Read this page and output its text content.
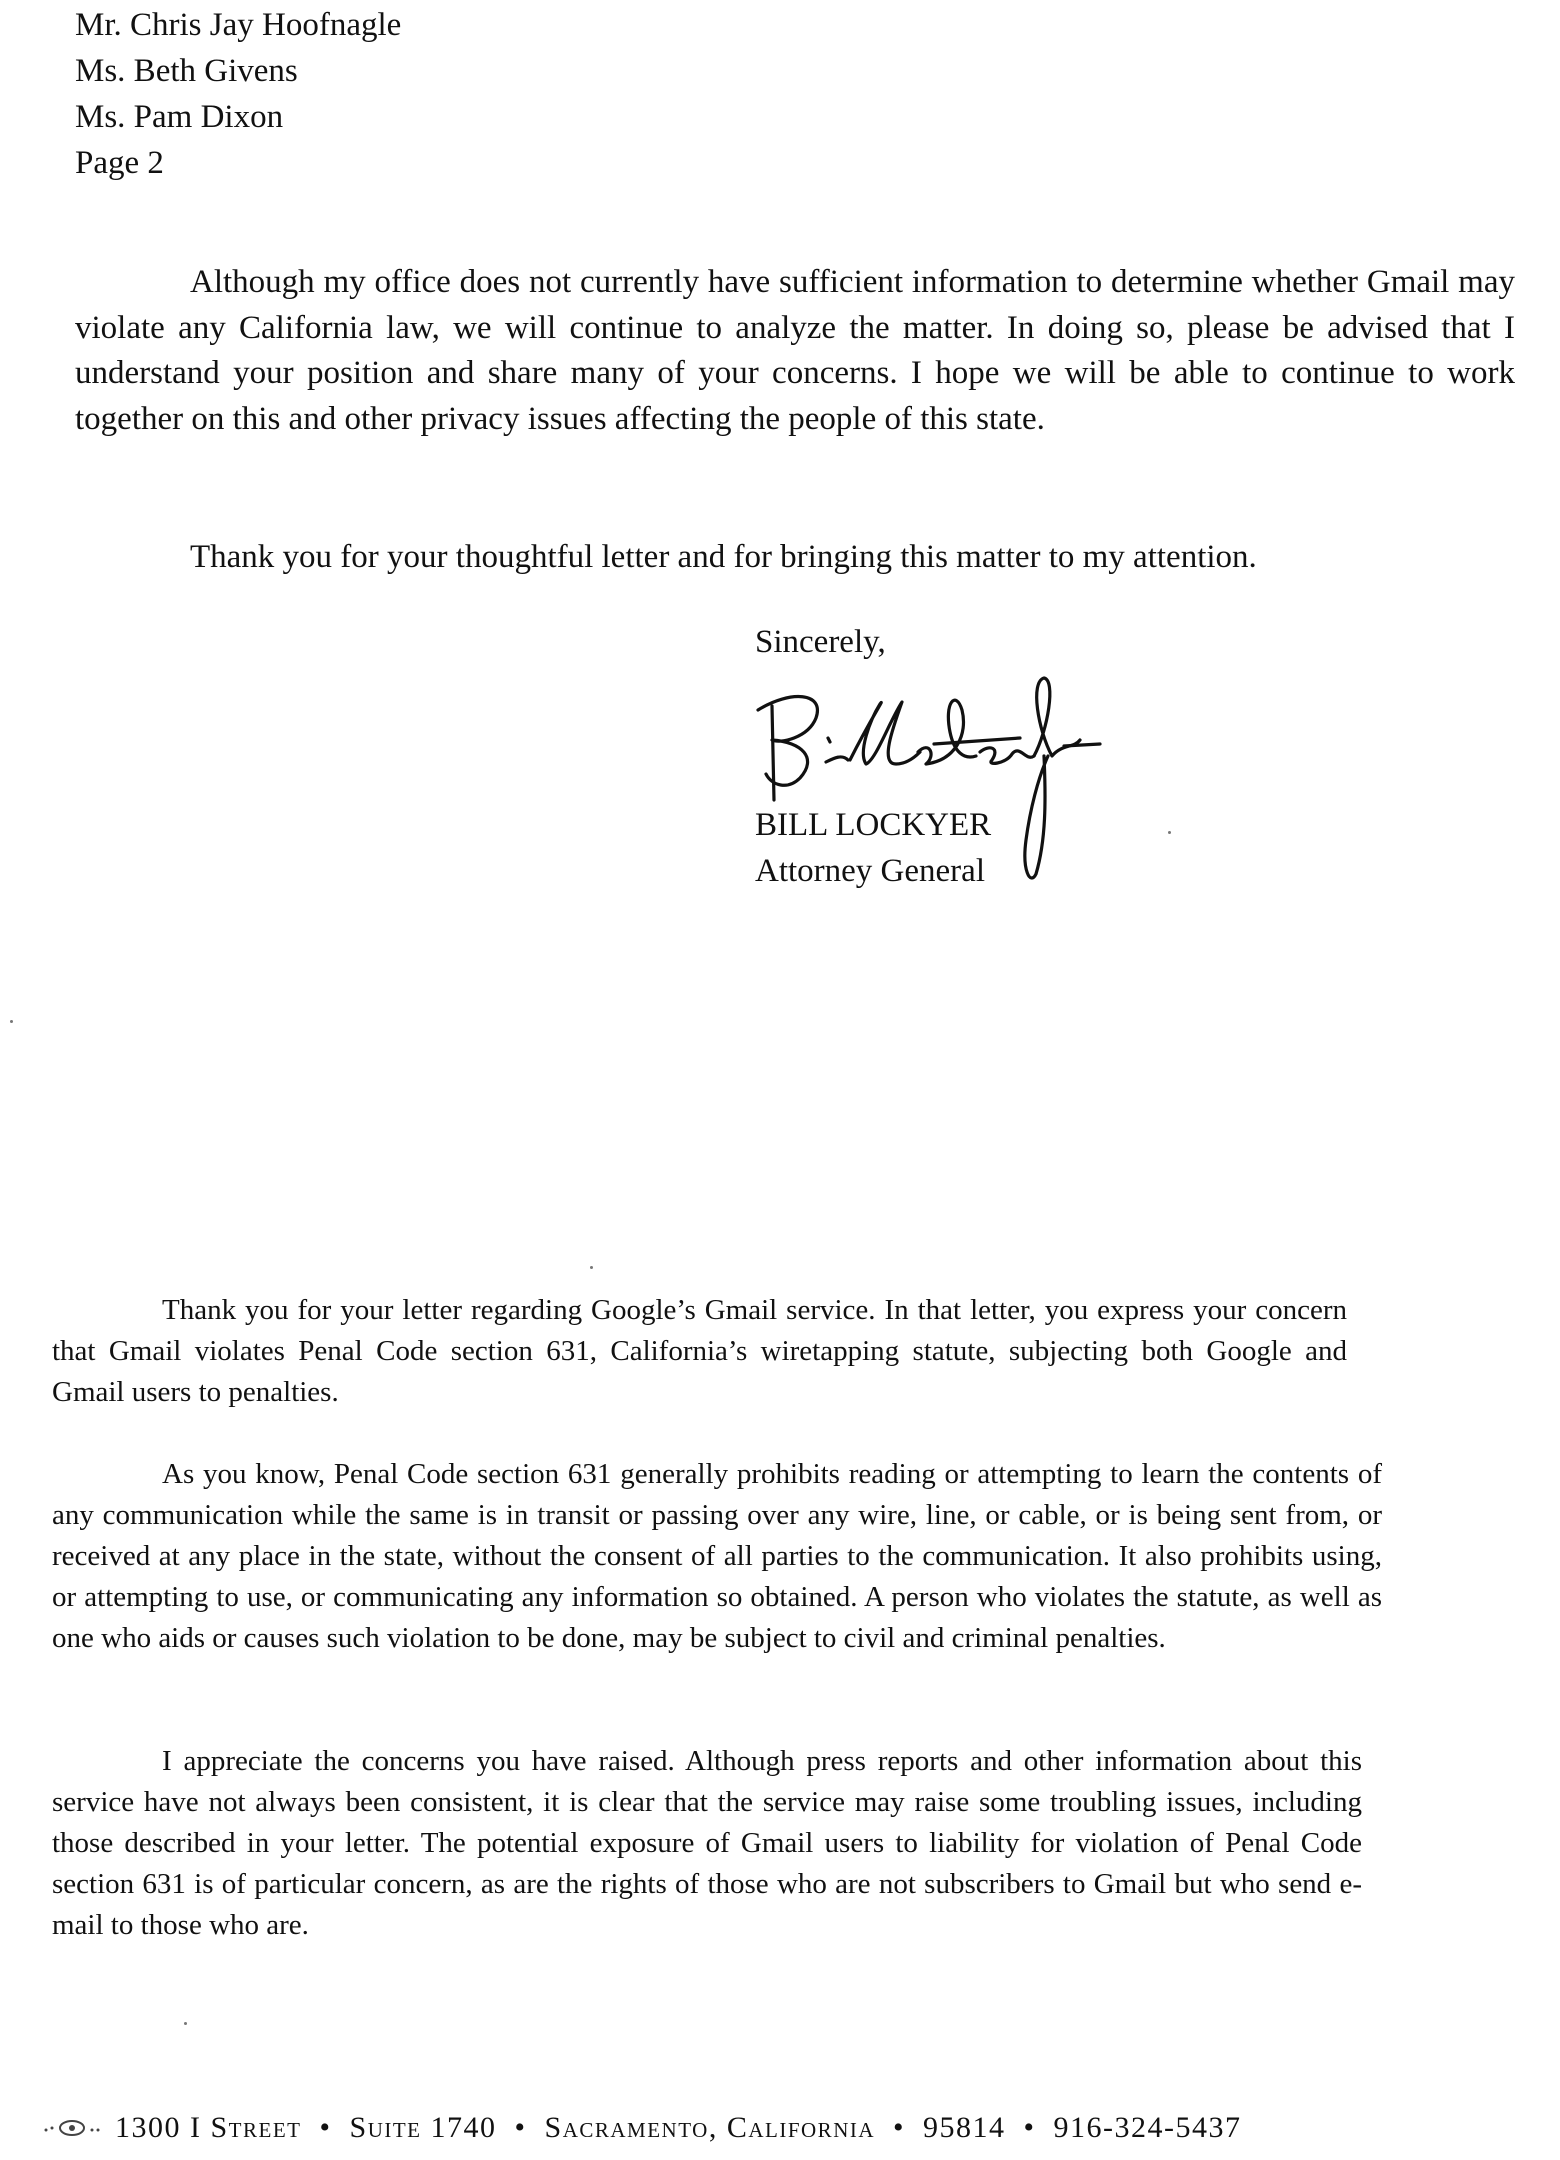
Mr. Chris Jay Hoofnagle
Ms. Beth Givens
Ms. Pam Dixon
Page 2

Although my office does not currently have sufficient information to determine whether Gmail may violate any California law, we will continue to analyze the matter. In doing so, please be advised that I understand your position and share many of your concerns. I hope we will be able to continue to work together on this and other privacy issues affecting the people of this state.

Thank you for your thoughtful letter and for bringing this matter to my attention.

Sincerely,
BILL LOCKYER
Attorney General

Thank you for your letter regarding Google’s Gmail service. In that letter, you express your concern that Gmail violates Penal Code section 631, California’s wiretapping statute, subjecting both Google and Gmail users to penalties.

As you know, Penal Code section 631 generally prohibits reading or attempting to learn the contents of any communication while the same is in transit or passing over any wire, line, or cable, or is being sent from, or received at any place in the state, without the consent of all parties to the communication. It also prohibits using, or attempting to use, or communicating any information so obtained. A person who violates the statute, as well as one who aids or causes such violation to be done, may be subject to civil and criminal penalties.

I appreciate the concerns you have raised. Although press reports and other information about this service have not always been consistent, it is clear that the service may raise some troubling issues, including those described in your letter. The potential exposure of Gmail users to liability for violation of Penal Code section 631 is of particular concern, as are the rights of those who are not subscribers to Gmail but who send e-mail to those who are.

1300 I Street • Suite 1740 • Sacramento, California • 95814 • 916-324-5437
